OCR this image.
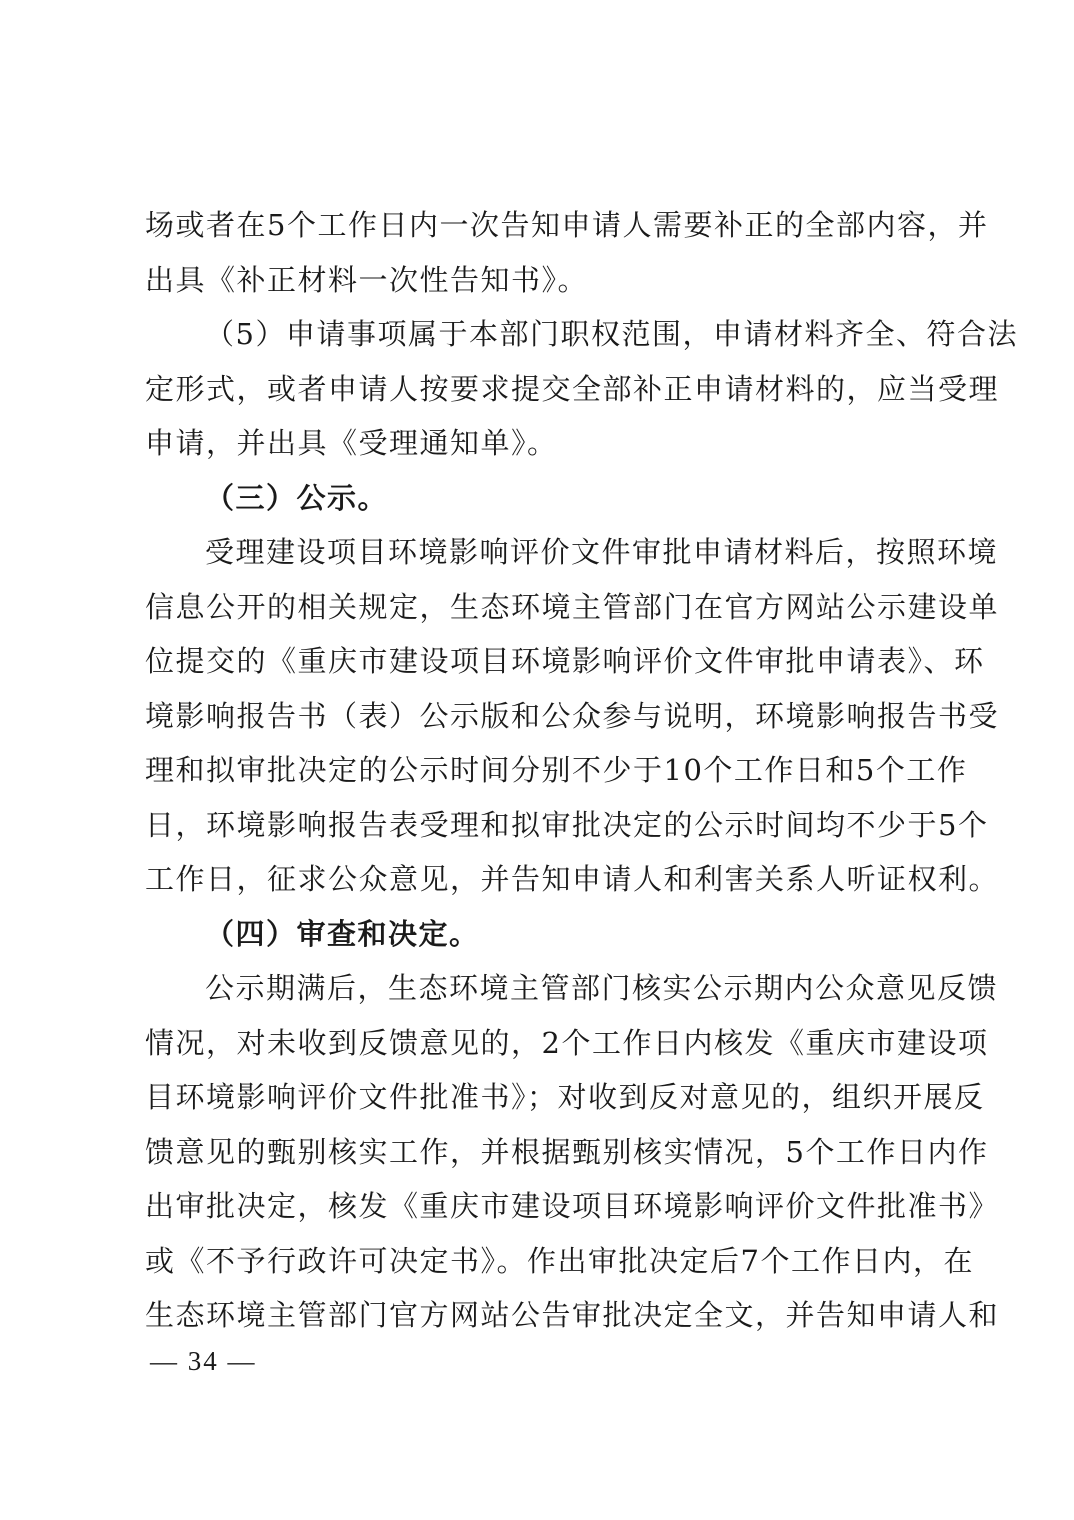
场或者在5个工作日内一次告知申请人需要补正的全部内容，并
出具《补正材料一次性告知书》。
（5）申请事项属于本部门职权范围，申请材料齐全、符合法
定形式，或者申请人按要求提交全部补正申请材料的，应当受理
申请，并出具《受理通知单》。
（三）公示。
受理建设项目环境影响评价文件审批申请材料后，按照环境
信息公开的相关规定，生态环境主管部门在官方网站公示建设单
位提交的《重庆市建设项目环境影响评价文件审批申请表》、环
境影响报告书（表）公示版和公众参与说明，环境影响报告书受
理和拟审批决定的公示时间分别不少于10个工作日和5个工作
日，环境影响报告表受理和拟审批决定的公示时间均不少于5个
工作日，征求公众意见，并告知申请人和利害关系人听证权利。
（四）审查和决定。
公示期满后，生态环境主管部门核实公示期内公众意见反馈
情况，对未收到反馈意见的，2个工作日内核发《重庆市建设项
目环境影响评价文件批准书》；对收到反对意见的，组织开展反
馈意见的甄别核实工作，并根据甄别核实情况，5个工作日内作
出审批决定，核发《重庆市建设项目环境影响评价文件批准书》
或《不予行政许可决定书》。作出审批决定后7个工作日内，在
生态环境主管部门官方网站公告审批决定全文，并告知申请人和
— 34 —
